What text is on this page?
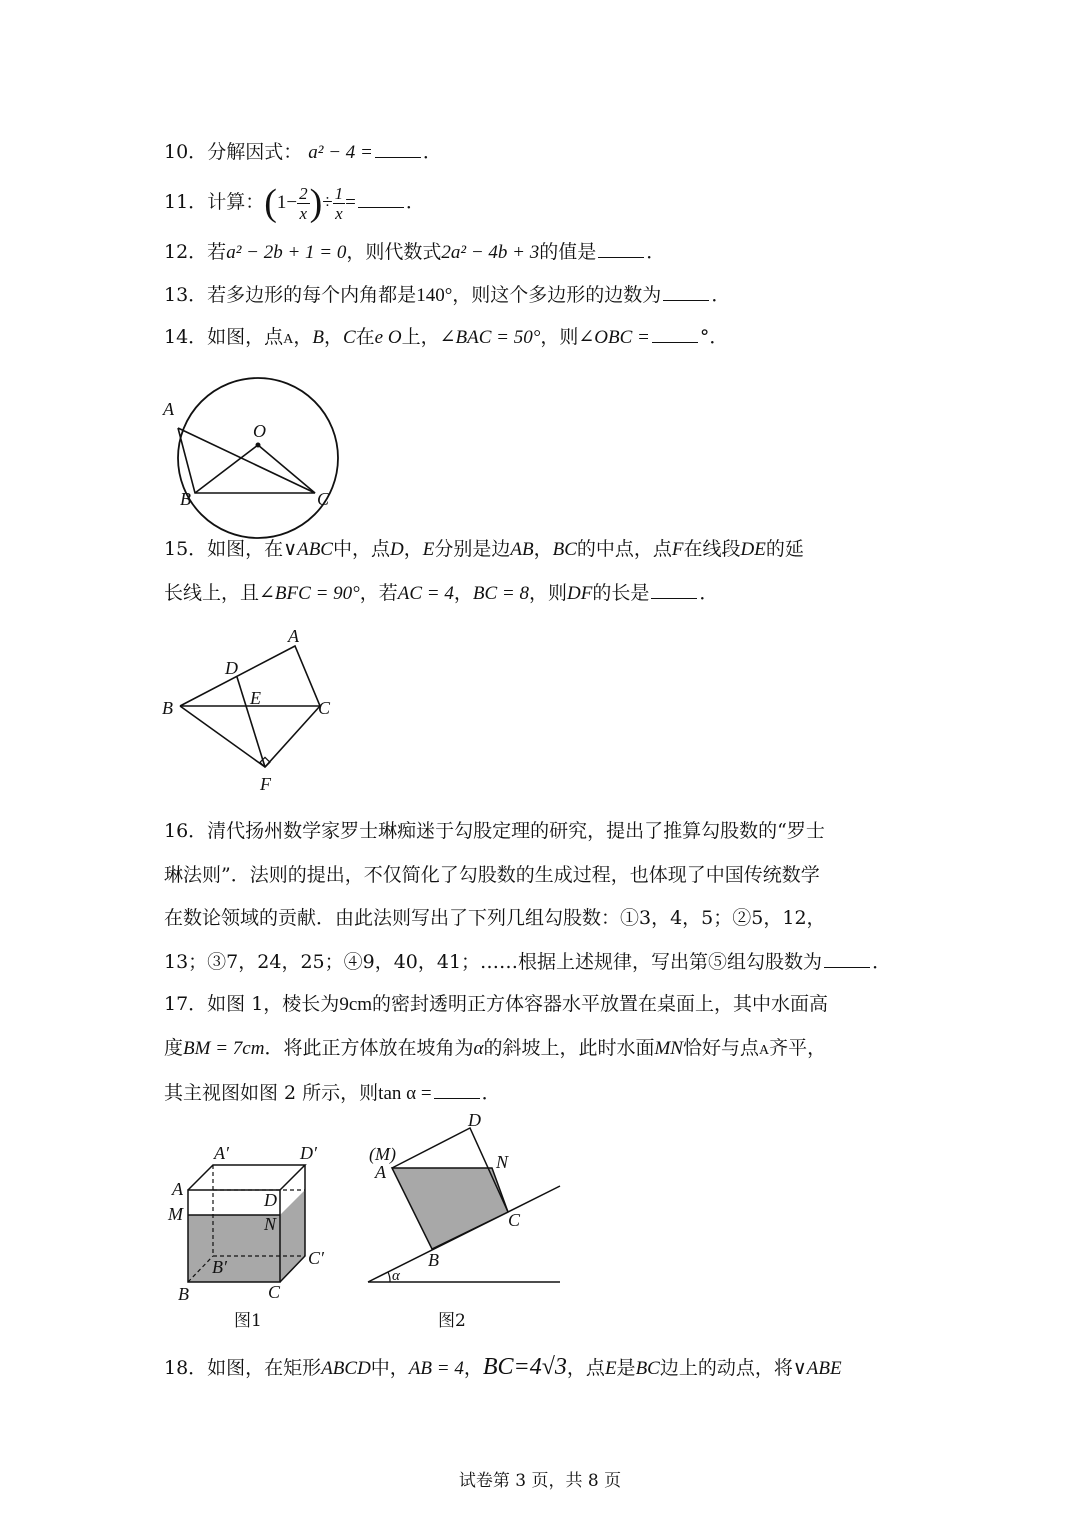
10．分解因式： a² − 4 =	．
11．计算：($1- \frac{2}{x}$ )÷ $\frac{1}{x}$ =	．
12．若a² − 2b + 1 = 0，则代数式2a² − 4b + 3的值是	．
13．若多边形的每个内角都是140°，则这个多边形的边数为	．
14．如图，点A，B，C在e O上，∠BAC = 50°，则∠OBC =	°．
A
O
B	C
15．如图，在∨ABC中，点D，E分别是边AB，BC的中点，点F在线段DE的延
长线上，且∠BFC = 90°，若AC = 4，BC = 8，则DF的长是	．
A
D
B	E	C
F
16．清代扬州数学家罗士琳痴迷于勾股定理的研究，提出了推算勾股数的“罗士
琳法则”．法则的提出，不仅简化了勾股数的生成过程，也体现了中国传统数学
在数论领域的贡献．由此法则写出了下列几组勾股数：①3，4，5；②5，12，
13；③7，24，25；④9，40，41；……根据上述规律，写出第⑤组勾股数为	．
17．如图 1，棱长为9cm的密封透明正方体容器水平放置在桌面上，其中水面高
度BM = 7cm．将此正方体放在坡角为α的斜坡上，此时水面MN恰好与点A齐平，
其主视图如图 2 所示，则tan α =	．
A′	D′
A
D
M	N
B′	C′
B	C
图1
D
(M)
A	N
C
B
α
图2
18．如图，在矩形ABCD中，AB = 4，BC=4√3，点E是BC边上的动点，将∨ABE
试卷第 3 页，共 8 页
